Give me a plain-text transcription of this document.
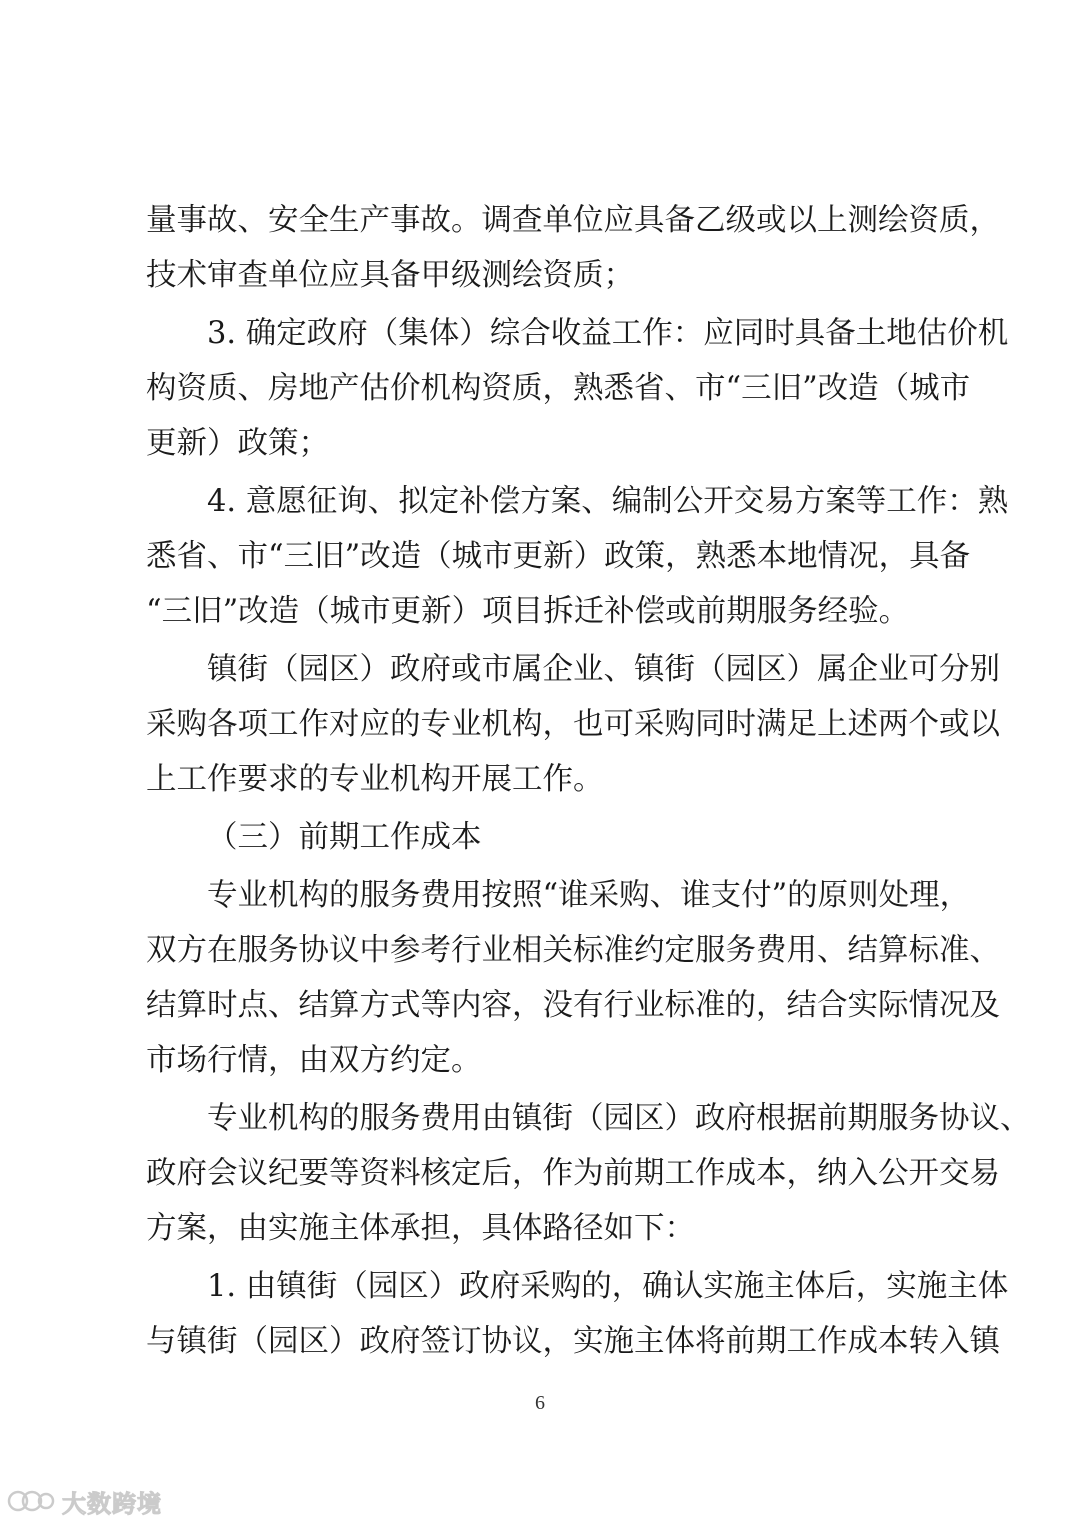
量事故、安全生产事故。调查单位应具备乙级或以上测绘资质，
技术审查单位应具备甲级测绘资质；
3. 确定政府（集体）综合收益工作：应同时具备土地估价机
构资质、房地产估价机构资质，熟悉省、市“三旧”改造（城市
更新）政策；
4. 意愿征询、拟定补偿方案、编制公开交易方案等工作：熟
悉省、市“三旧”改造（城市更新）政策，熟悉本地情况，具备
“三旧”改造（城市更新）项目拆迁补偿或前期服务经验。
镇街（园区）政府或市属企业、镇街（园区）属企业可分别
采购各项工作对应的专业机构，也可采购同时满足上述两个或以
上工作要求的专业机构开展工作。
（三）前期工作成本
专业机构的服务费用按照“谁采购、谁支付”的原则处理，
双方在服务协议中参考行业相关标准约定服务费用、结算标准、
结算时点、结算方式等内容，没有行业标准的，结合实际情况及
市场行情，由双方约定。
专业机构的服务费用由镇街（园区）政府根据前期服务协议、
政府会议纪要等资料核定后，作为前期工作成本，纳入公开交易
方案，由实施主体承担，具体路径如下：
1. 由镇街（园区）政府采购的，确认实施主体后，实施主体
与镇街（园区）政府签订协议，实施主体将前期工作成本转入镇
6
大数跨境
